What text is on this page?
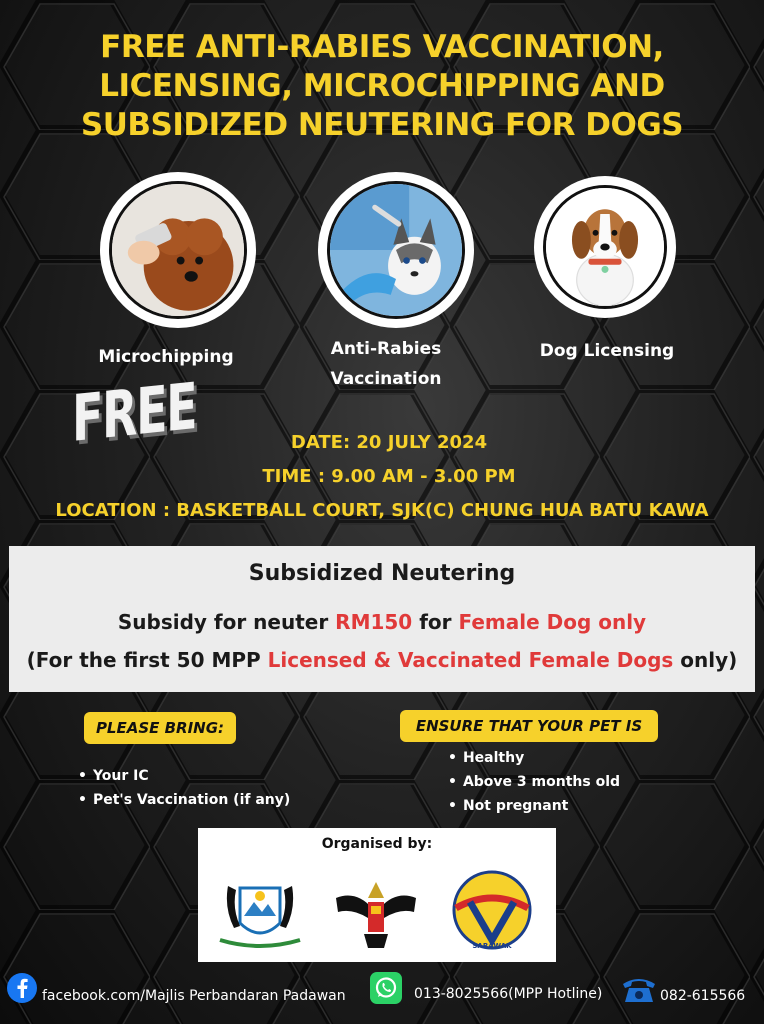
FREE ANTI-RABIES VACCINATION,
LICENSING, MICROCHIPPING AND
SUBSIDIZED NEUTERING FOR DOGS
Microchipping	Anti-Rabies
Vaccination
Dog Licensing
FREE	DATE: 20 JULY 2024
TIME : 9.00 AM - 3.00 PM
LOCATION : BASKETBALL COURT, SJK(C) CHUNG HUA BATU KAWA
Subsidized Neutering
Subsidy for neuter RM150 for Female Dog only
(For the first 50 MPP Licensed & Vaccinated Female Dogs only)
PLEASE BRING:
• Your IC
• Pet's Vaccination (if any)
ENSURE THAT YOUR PET IS
• Healthy
• Above 3 months old
• Not pregnant
Organised by:
SARAWAK
facebook.com/Majlis Perbandaran Padawan	013-8025566(MPP Hotline)	082-615566
